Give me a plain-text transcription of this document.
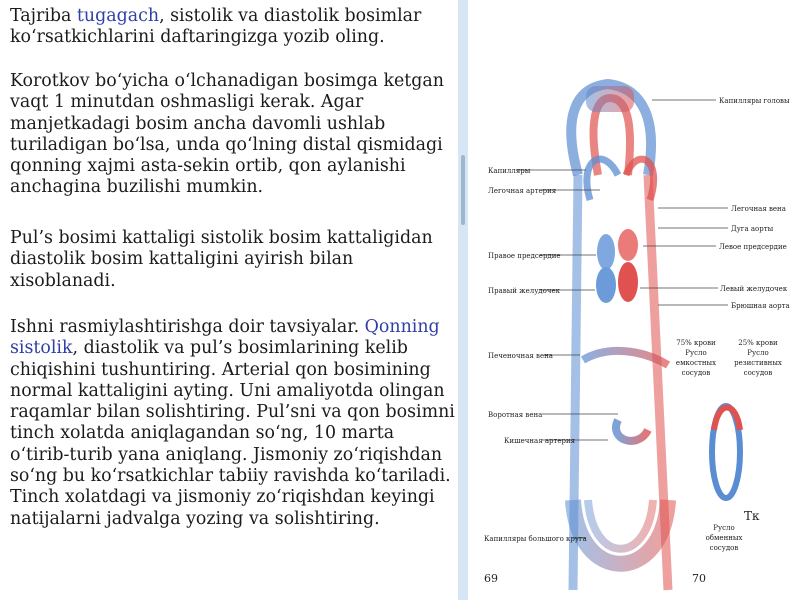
Tajriba tugagach, sistolik va diastolik bosimlar ko‘rsatkichlarini daftaringizga yozib oling.

Korotkov bo‘yicha o‘lchanadigan bosimga ketgan vaqt 1 minutdan oshmasligi kerak. Agar manjetkadagi bosim ancha davomli ushlab turiladigan bo‘lsa, unda qo‘lning distal qismidagi qonning xajmi asta-sekin ortib, qon aylanishi anchagina buzilishi mumkin.

Pul’s bosimi kattaligi sistolik bosim kattaligidan diastolik bosim kattaligini ayirish bilan xisoblanadi.

Ishni rasmiylashtirishga doir tavsiyalar. Qonning sistolik, diastolik va pul’s bosimlarining kelib chiqishini tushuntiring. Arterial qon bosimining normal kattaligini ayting. Uni amaliyotda olingan raqamlar bilan solishtiring. Pul’sni va qon bosimni tinch xolatda aniqlagandan so‘ng, 10 marta o‘tirib-turib yana aniqlang. Jismoniy zo‘riqishdan so‘ng bu ko‘rsatkichlar tabiiy ravishda ko‘tariladi. Tinch xolatdagi va jismoniy zo‘riqishdan keyingi natijalarni jadvalga yozing va solishtiring.

Капилляры головы
Капилляры
Легочная артерия
Легочная вена
Дуга аорты
Левое предсердие
Правое предсердие
Правый желудочек	Левый желудочек
Брюшная аорта
Печеночная вена
Воротная вена
Кишечная артерия
Капилляры большого круга
75% крови
Русло
емкостных
сосудов
25% крови
Русло
резистивных
сосудов
Русло
обменных
сосудов
Тк
69	70
